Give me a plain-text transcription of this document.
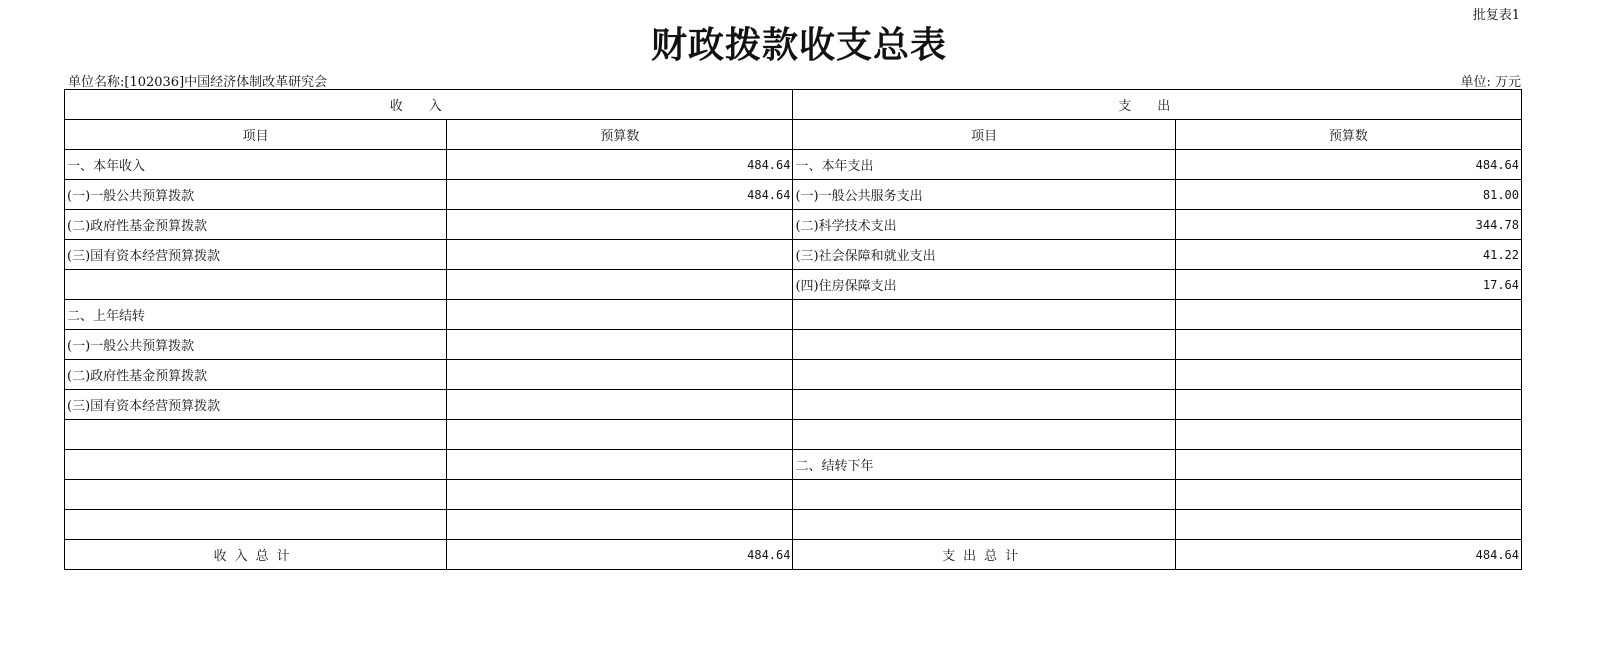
批复表1
财政拨款收支总表
单位名称:[102036]中国经济体制改革研究会	单位: 万元
收入		支出	
项目	预算数	项目	预算数
一、本年收入	484.64	一、本年支出	484.64
(一)一般公共预算拨款	484.64	(一)一般公共服务支出	81.00
(二)政府性基金预算拨款		(二)科学技术支出	344.78
(三)国有资本经营预算拨款		(三)社会保障和就业支出	41.22
		(四)住房保障支出	17.64
二、上年结转			
(一)一般公共预算拨款			
(二)政府性基金预算拨款			
(三)国有资本经营预算拨款			

		二、结转下年	

收入总计	484.64	支出总计	484.64
